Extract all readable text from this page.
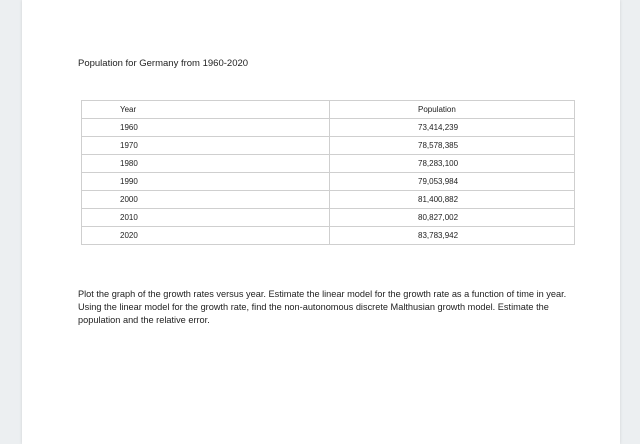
Population for Germany from 1960-2020
Year	Population
1960	73,414,239
1970	78,578,385
1980	78,283,100
1990	79,053,984
2000	81,400,882
2010	80,827,002
2020	83,783,942

Plot the graph of the growth rates versus year. Estimate the linear model for the growth rate as a function of time in year. Using the linear model for the growth rate, find the non-autonomous discrete Malthusian growth model. Estimate the population and the relative error.
